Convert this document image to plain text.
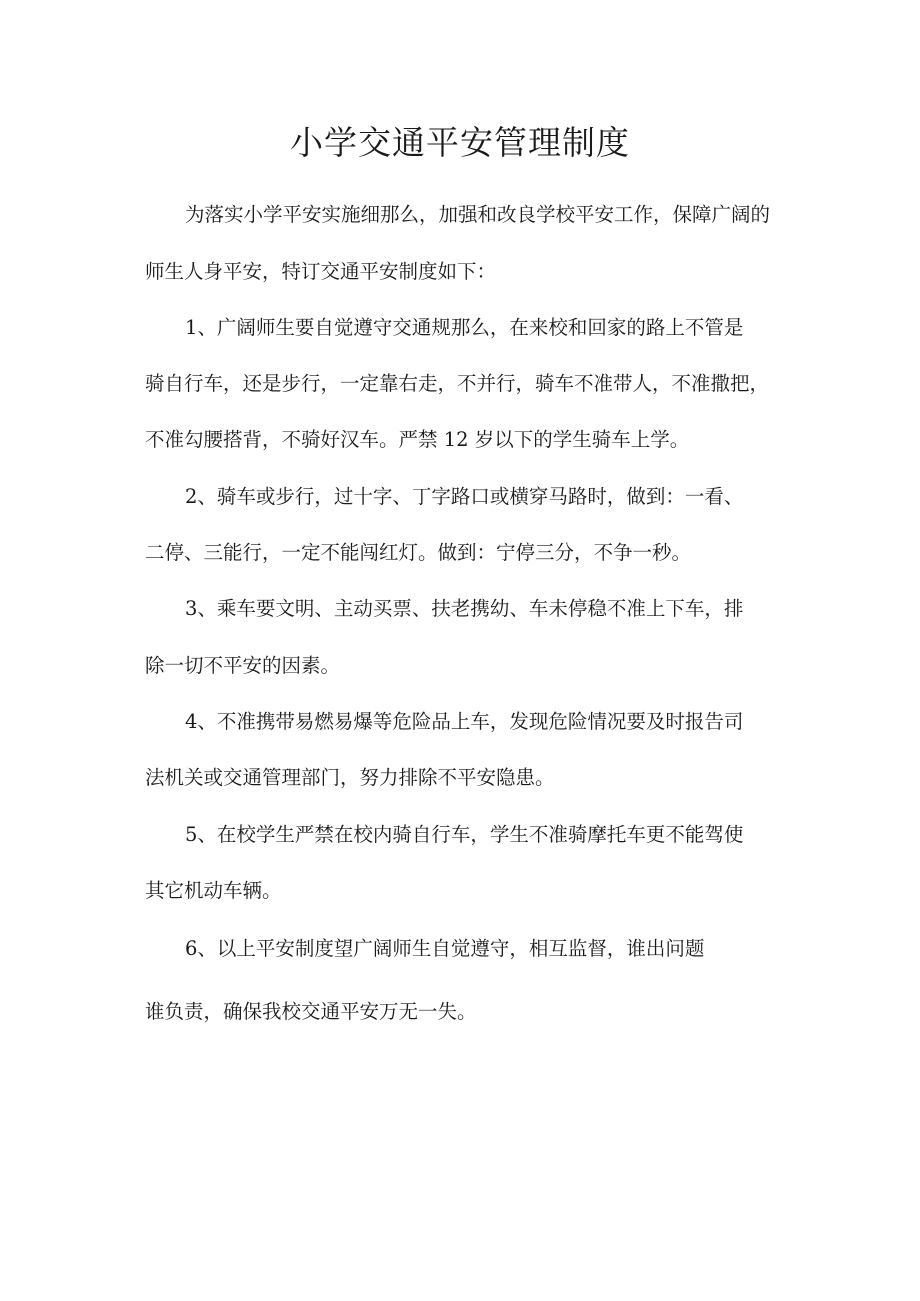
小学交通平安管理制度

为落实小学平安实施细那么，加强和改良学校平安工作，保障广阔的

师生人身平安，特订交通平安制度如下：

1、广阔师生要自觉遵守交通规那么，在来校和回家的路上不管是

骑自行车，还是步行，一定靠右走，不并行，骑车不准带人，不准撒把，

不准勾腰搭背，不骑好汉车。严禁 12 岁以下的学生骑车上学。

2、骑车或步行，过十字、丁字路口或横穿马路时，做到：一看、

二停、三能行，一定不能闯红灯。做到：宁停三分，不争一秒。

3、乘车要文明、主动买票、扶老携幼、车未停稳不准上下车，排

除一切不平安的因素。

4、不准携带易燃易爆等危险品上车，发现危险情况要及时报告司

法机关或交通管理部门，努力排除不平安隐患。

5、在校学生严禁在校内骑自行车，学生不准骑摩托车更不能驾使

其它机动车辆。

6、以上平安制度望广阔师生自觉遵守，相互监督，谁出问题

谁负责，确保我校交通平安万无一失。
